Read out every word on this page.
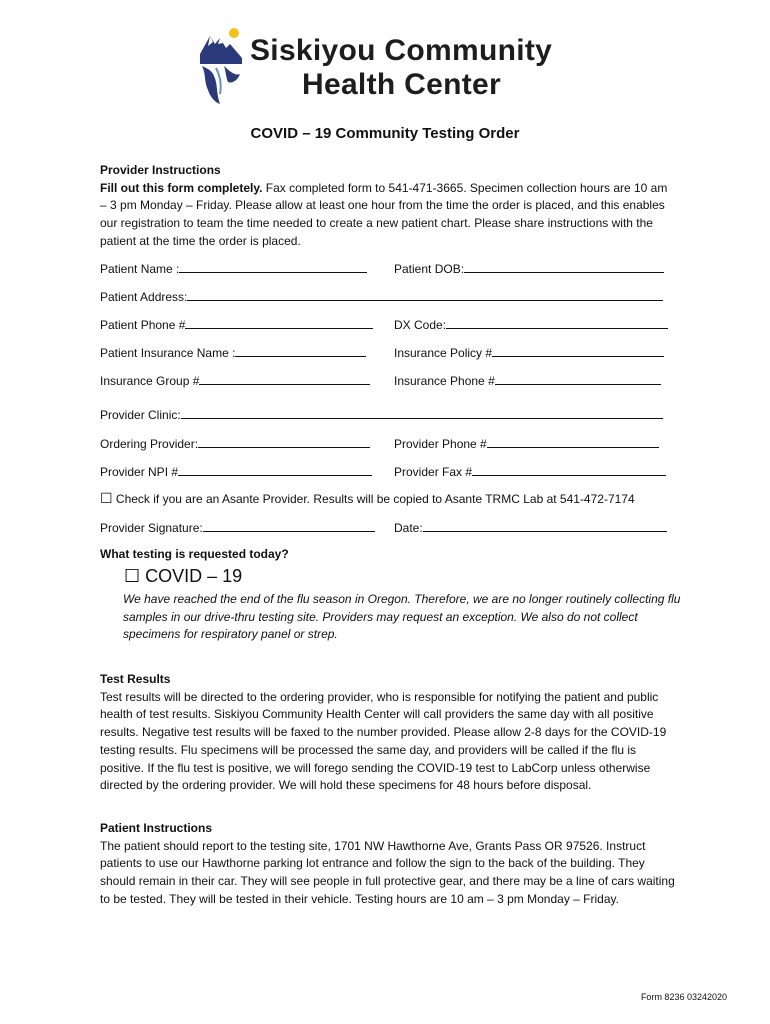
Siskiyou Community
Health Center
COVID – 19 Community Testing Order
Provider Instructions
Fill out this form completely. Fax completed form to 541-471-3665. Specimen collection hours are 10 am – 3 pm Monday – Friday. Please allow at least one hour from the time the order is placed, and this enables our registration to team the time needed to create a new patient chart. Please share instructions with the patient at the time the order is placed.
Patient Name :	Patient DOB:
Patient Address:
Patient Phone #	DX Code:
Patient Insurance Name :	Insurance Policy #
Insurance Group #	Insurance Phone #
Provider Clinic:
Ordering Provider:	Provider Phone #
Provider NPI #	Provider Fax #
☐ Check if you are an Asante Provider. Results will be copied to Asante TRMC Lab at 541-472-7174
Provider Signature:	Date:
What testing is requested today?
☐ COVID – 19
We have reached the end of the flu season in Oregon. Therefore, we are no longer routinely collecting flu samples in our drive-thru testing site. Providers may request an exception. We also do not collect specimens for respiratory panel or strep.
Test Results
Test results will be directed to the ordering provider, who is responsible for notifying the patient and public health of test results. Siskiyou Community Health Center will call providers the same day with all positive results. Negative test results will be faxed to the number provided. Please allow 2-8 days for the COVID-19 testing results. Flu specimens will be processed the same day, and providers will be called if the flu is positive. If the flu test is positive, we will forego sending the COVID-19 test to LabCorp unless otherwise directed by the ordering provider. We will hold these specimens for 48 hours before disposal.
Patient Instructions
The patient should report to the testing site, 1701 NW Hawthorne Ave, Grants Pass OR 97526. Instruct patients to use our Hawthorne parking lot entrance and follow the sign to the back of the building. They should remain in their car. They will see people in full protective gear, and there may be a line of cars waiting to be tested. They will be tested in their vehicle. Testing hours are 10 am – 3 pm Monday – Friday.
Form 8236 03242020
